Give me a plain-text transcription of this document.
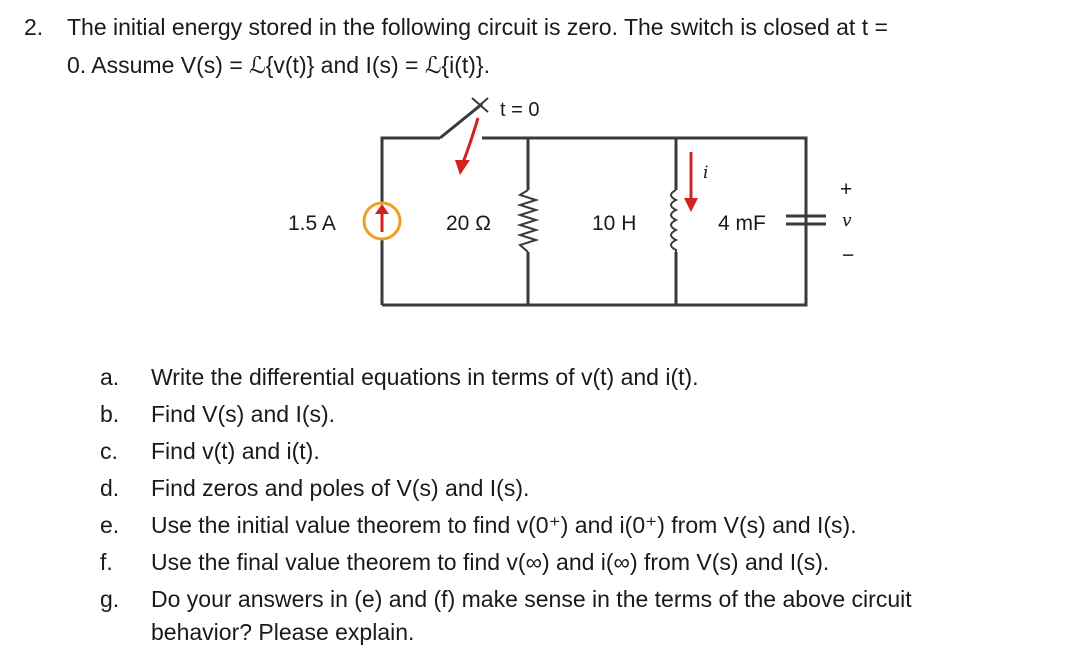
2. The initial energy stored in the following circuit is zero. The switch is closed at t =
0. Assume V(s) = ℒ{v(t)} and I(s) = ℒ{i(t)}.
t = 0
1.5 A	20 Ω	10 H	4 mF
i
+
v
−
a.	Write the differential equations in terms of v(t) and i(t).
b.	Find V(s) and I(s).
c.	Find v(t) and i(t).
d.	Find zeros and poles of V(s) and I(s).
e.	Use the initial value theorem to find v(0⁺) and i(0⁺) from V(s) and I(s).
f.	Use the final value theorem to find v(∞) and i(∞) from V(s) and I(s).
g.	Do your answers in (e) and (f) make sense in the terms of the above circuit
behavior? Please explain.
